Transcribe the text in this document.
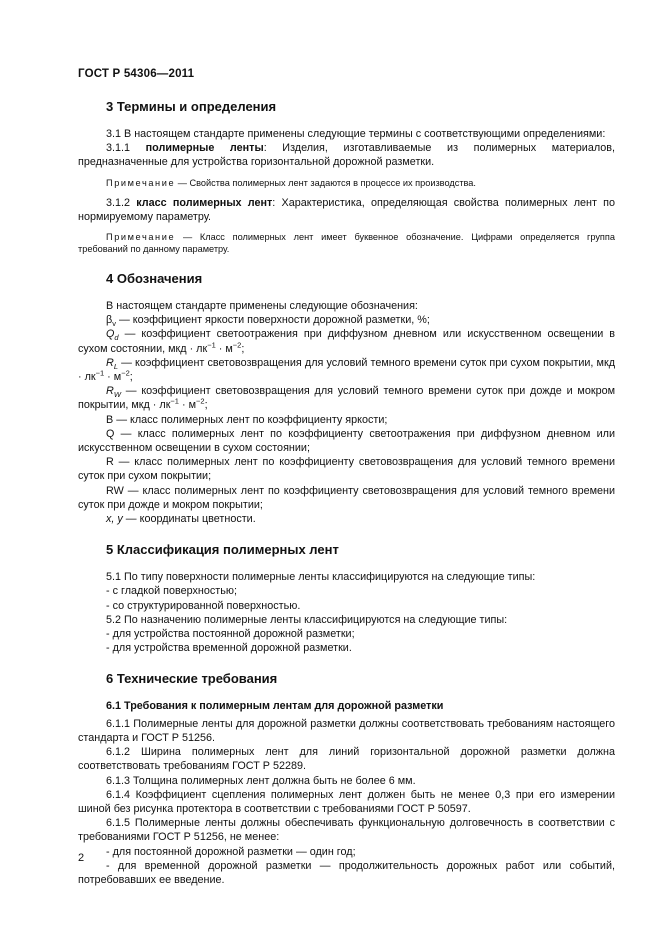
ГОСТ Р 54306—2011
3 Термины и определения

3.1 В настоящем стандарте применены следующие термины с соответствующими определениями:

3.1.1 полимерные ленты: Изделия, изготавливаемые из полимерных материалов, предназначенные для устройства горизонтальной дорожной разметки.

Примечание — Свойства полимерных лент задаются в процессе их производства.

3.1.2 класс полимерных лент: Характеристика, определяющая свойства полимерных лент по нормируемому параметру.

Примечание — Класс полимерных лент имеет буквенное обозначение. Цифрами определяется группа требований по данному параметру.

4 Обозначения

В настоящем стандарте применены следующие обозначения:

$\beta_v$ — коэффициент яркости поверхности дорожной разметки, %;

$Q_d$ — коэффициент светоотражения при диффузном дневном или искусственном освещении в сухом состоянии, мкд · $лк^{-1} \cdot м^{-2}$;

$R_L$ — коэффициент световозвращения для условий темного времени суток при сухом покрытии, мкд · $лк^{-1} \cdot м^{-2}$;

$R_W$ — коэффициент световозвращения для условий темного времени суток при дожде и мокром покрытии, мкд · $лк^{-1} \cdot м^{-2}$;

В — класс полимерных лент по коэффициенту яркости;

Q — класс полимерных лент по коэффициенту светоотражения при диффузном дневном или искусственном освещении в сухом состоянии;

R — класс полимерных лент по коэффициенту световозвращения для условий темного времени суток при сухом покрытии;

RW — класс полимерных лент по коэффициенту световозвращения для условий темного времени суток при дожде и мокром покрытии;

x, y — координаты цветности.

5 Классификация полимерных лент

5.1 По типу поверхности полимерные ленты классифицируются на следующие типы:

- с гладкой поверхностью;

- со структурированной поверхностью.

5.2 По назначению полимерные ленты классифицируются на следующие типы:

- для устройства постоянной дорожной разметки;

- для устройства временной дорожной разметки.

6 Технические требования

6.1 Требования к полимерным лентам для дорожной разметки

6.1.1 Полимерные ленты для дорожной разметки должны соответствовать требованиям настоящего стандарта и ГОСТ Р 51256.

6.1.2 Ширина полимерных лент для линий горизонтальной дорожной разметки должна соответствовать требованиям ГОСТ Р 52289.

6.1.3 Толщина полимерных лент должна быть не более 6 мм.

6.1.4 Коэффициент сцепления полимерных лент должен быть не менее 0,3 при его измерении шиной без рисунка протектора в соответствии с требованиями ГОСТ Р 50597.

6.1.5 Полимерные ленты должны обеспечивать функциональную долговечность в соответствии с требованиями ГОСТ Р 51256, не менее:

- для постоянной дорожной разметки — один год;

- для временной дорожной разметки — продолжительность дорожных работ или событий, потребовавших ее введение.

2
